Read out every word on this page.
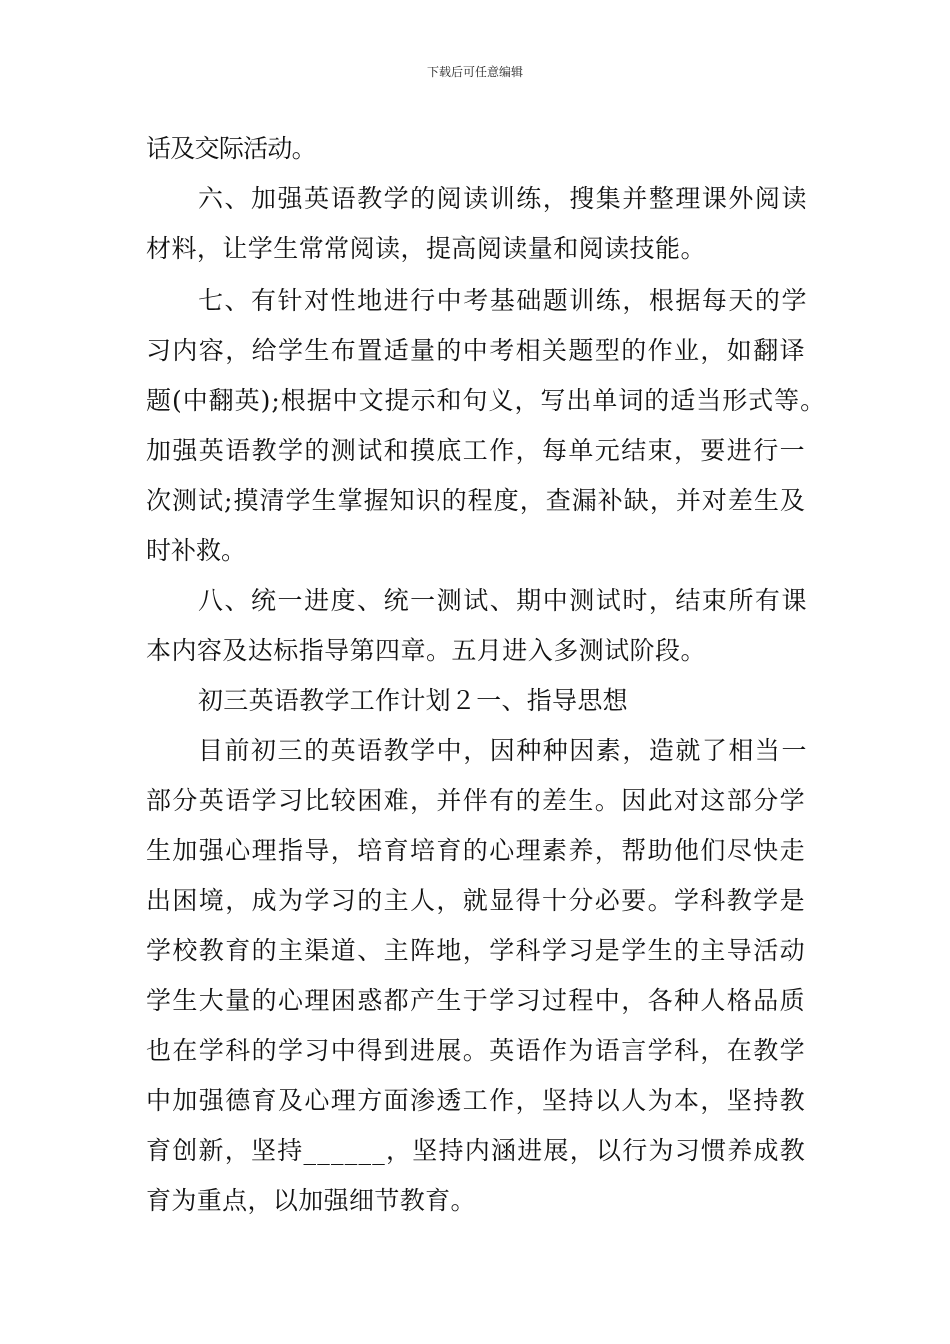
下载后可任意编辑
话及交际活动。
六、加强英语教学的阅读训练，搜集并整理课外阅读
材料，让学生常常阅读，提高阅读量和阅读技能。
七、有针对性地进行中考基础题训练，根据每天的学
习内容，给学生布置适量的中考相关题型的作业，如翻译
题(中翻英);根据中文提示和句义，写出单词的适当形式等。
加强英语教学的测试和摸底工作，每单元结束，要进行一
次测试;摸清学生掌握知识的程度，查漏补缺，并对差生及
时补救。
八、统一进度、统一测试、期中测试时，结束所有课
本内容及达标指导第四章。五月进入多测试阶段。
初三英语教学工作计划２一、指导思想
目前初三的英语教学中，因种种因素，造就了相当一
部分英语学习比较困难，并伴有的差生。因此对这部分学
生加强心理指导，培育培育的心理素养，帮助他们尽快走
出困境，成为学习的主人，就显得十分必要。学科教学是
学校教育的主渠道、主阵地，学科学习是学生的主导活动
学生大量的心理困惑都产生于学习过程中，各种人格品质
也在学科的学习中得到进展。英语作为语言学科，在教学
中加强德育及心理方面渗透工作，坚持以人为本，坚持教
育创新，坚持______，坚持内涵进展，以行为习惯养成教
育为重点，以加强细节教育。
